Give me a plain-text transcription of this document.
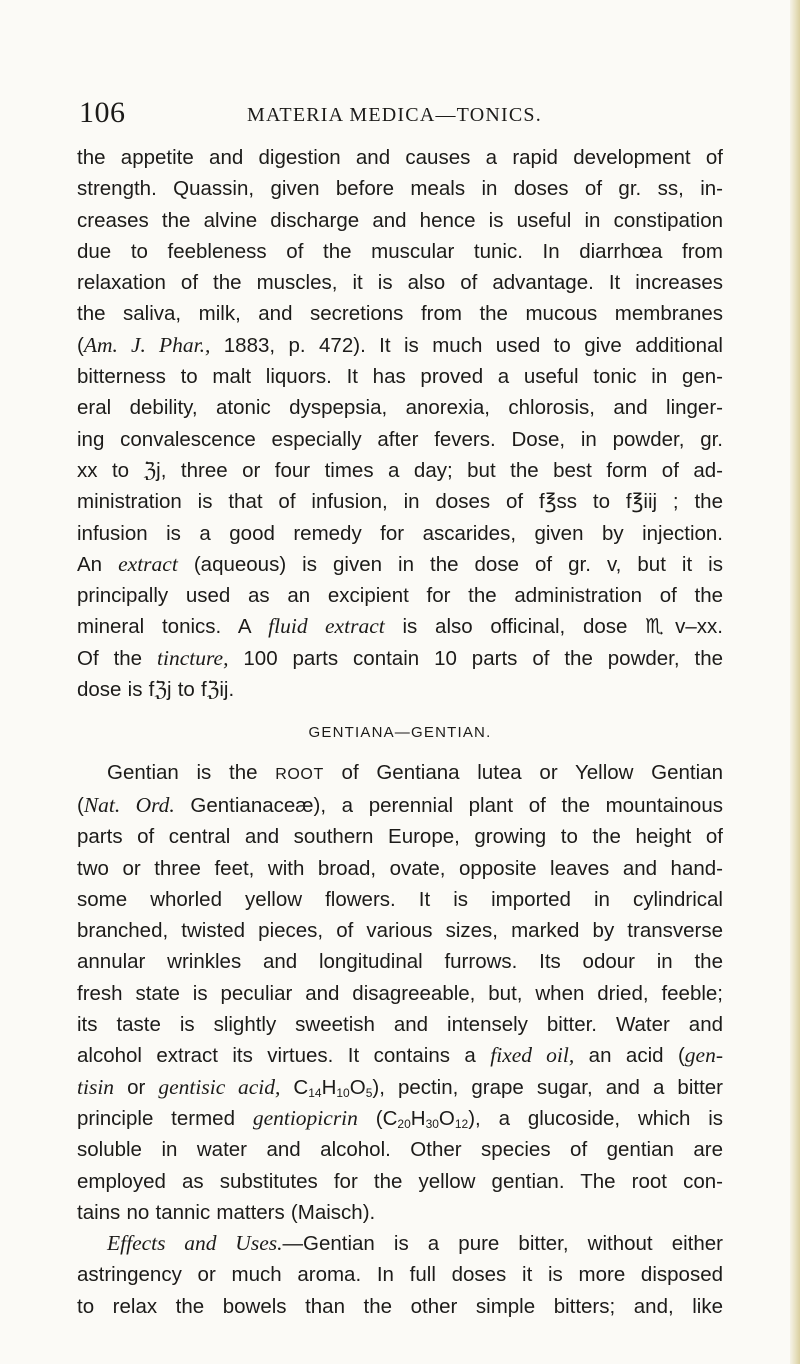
106	MATERIA MEDICA—TONICS.
the appetite and digestion and causes a rapid development of
strength. Quassin, given before meals in doses of gr. ss, in-
creases the alvine discharge and hence is useful in constipation
due to feebleness of the muscular tunic. In diarrhœa from
relaxation of the muscles, it is also of advantage. It increases
the saliva, milk, and secretions from the mucous membranes
(Am. J. Phar., 1883, p. 472). It is much used to give additional
bitterness to malt liquors. It has proved a useful tonic in gen-
eral debility, atonic dyspepsia, anorexia, chlorosis, and linger-
ing convalescence especially after fevers. Dose, in powder, gr.
xx to ℨj, three or four times a day; but the best form of ad-
ministration is that of infusion, in doses of f℥ss to f℥iij ; the
infusion is a good remedy for ascarides, given by injection.
An extract (aqueous) is given in the dose of gr. v, but it is
principally used as an excipient for the administration of the
mineral tonics. A fluid extract is also officinal, dose ♏v–xx.
Of the tincture, 100 parts contain 10 parts of the powder, the
dose is fℨj to fℨij.
GENTIANA—GENTIAN.
Gentian is the ROOT of Gentiana lutea or Yellow Gentian
(Nat. Ord. Gentianaceæ), a perennial plant of the mountainous
parts of central and southern Europe, growing to the height of
two or three feet, with broad, ovate, opposite leaves and hand-
some whorled yellow flowers. It is imported in cylindrical
branched, twisted pieces, of various sizes, marked by transverse
annular wrinkles and longitudinal furrows. Its odour in the
fresh state is peculiar and disagreeable, but, when dried, feeble;
its taste is slightly sweetish and intensely bitter. Water and
alcohol extract its virtues. It contains a fixed oil, an acid (gen-
tisin or gentisic acid, $C_{14}H_{10}O_5$), pectin, grape sugar, and a bitter
principle termed gentiopicrin $(C_{20}H_{30}O_{12})$, a glucoside, which is
soluble in water and alcohol. Other species of gentian are
employed as substitutes for the yellow gentian. The root con-
tains no tannic matters (Maisch).
Effects and Uses.—Gentian is a pure bitter, without either
astringency or much aroma. In full doses it is more disposed
to relax the bowels than the other simple bitters; and, like
